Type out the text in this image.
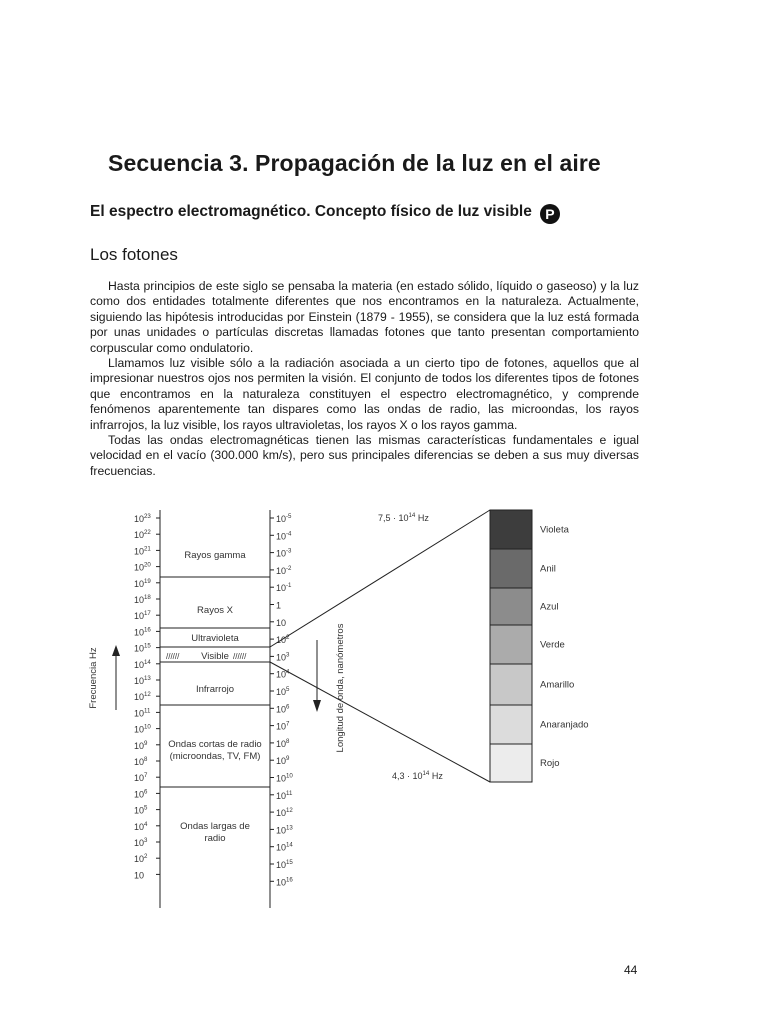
Secuencia 3. Propagación de la luz en el aire
El espectro electromagnético. Concepto físico de luz visible P
Los fotones

Hasta principios de este siglo se pensaba la materia (en estado sólido, líquido o gaseoso) y la luz como dos entidades totalmente diferentes que nos encontramos en la naturaleza. Actualmente, siguiendo las hipótesis introducidas por Einstein (1879 - 1955), se considera que la luz está formada por unas unidades o partículas discretas llamadas fotones que tanto presentan comportamiento corpuscular como ondulatorio.

Llamamos luz visible sólo a la radiación asociada a un cierto tipo de fotones, aquellos que al impresionar nuestros ojos nos permiten la visión. El conjunto de todos los diferentes tipos de fotones que encontramos en la naturaleza constituyen el espectro electromagnético, y comprende fenómenos aparentemente tan dispares como las ondas de radio, las microondas, los rayos infrarrojos, la luz visible, los rayos ultravioletas, los rayos X o los rayos gamma.

Todas las ondas electromagnéticas tienen las mismas características fundamentales e igual velocidad en el vacío (300.000 km/s), pero sus principales diferencias se deben a sus muy diversas frecuencias.

$10^{23}$
$10^{22}$
$10^{21}$
$10^{20}$
$10^{19}$
$10^{18}$
$10^{17}$
$10^{16}$
$10^{15}$
$10^{14}$
$10^{13}$
$10^{12}$
$10^{11}$
$10^{10}$
$10^9$
$10^8$
$10^7$
$10^6$
$10^5$
$10^4$
$10^3$
$10^2$
10
$10^{-5}$
$10^{-4}$
$10^{-3}$
$10^{-2}$
$10^{-1}$
1
10
$10^2$
$10^3$
$10^4$
$10^5$
$10^6$
$10^7$
$10^8$
$10^9$
$10^{10}$
$10^{11}$
$10^{12}$
$10^{13}$
$10^{14}$
$10^{15}$
$10^{16}$
Rayos gamma
Rayos X
Ultravioleta
Visible
Infrarrojo
Ondas cortas de radio
(microondas, TV, FM)
Ondas largas de
radio
//////	//////
Frecuencia Hz	Longitud de onda, nanómetros
Violeta
Anil
Azul
Verde
Amarillo
Anaranjado
Rojo
$7,5 \cdot 10^{14}$ Hz
$4,3 \cdot 10^{14}$ Hz
44
